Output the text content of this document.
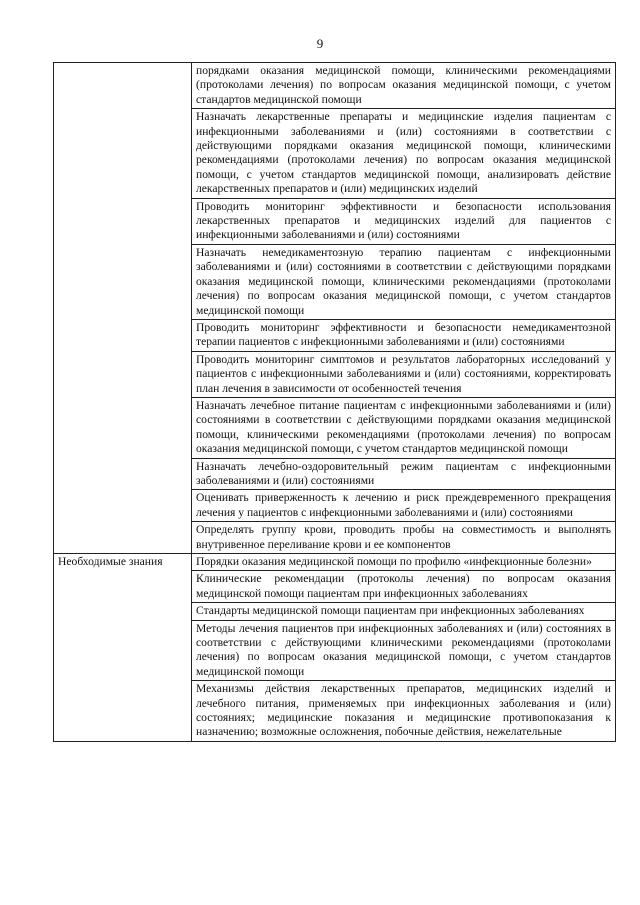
9
	порядками оказания медицинской помощи, клиническими рекомендациями (протоколами лечения) по вопросам оказания медицинской помощи, с учетом стандартов медицинской помощи
	Назначать лекарственные препараты и медицинские изделия пациентам с инфекционными заболеваниями и (или) состояниями в соответствии с действующими порядками оказания медицинской помощи, клиническими рекомендациями (протоколами лечения) по вопросам оказания медицинской помощи, с учетом стандартов медицинской помощи, анализировать действие лекарственных препаратов и (или) медицинских изделий
	Проводить мониторинг эффективности и безопасности использования лекарственных препаратов и медицинских изделий для пациентов с инфекционными заболеваниями и (или) состояниями
	Назначать немедикаментозную терапию пациентам с инфекционными заболеваниями и (или) состояниями в соответствии с действующими порядками оказания медицинской помощи, клиническими рекомендациями (протоколами лечения) по вопросам оказания медицинской помощи, с учетом стандартов медицинской помощи
	Проводить мониторинг эффективности и безопасности немедикаментозной терапии пациентов с инфекционными заболеваниями и (или) состояниями
	Проводить мониторинг симптомов и результатов лабораторных исследований у пациентов с инфекционными заболеваниями и (или) состояниями, корректировать план лечения в зависимости от особенностей течения
	Назначать лечебное питание пациентам с инфекционными заболеваниями и (или) состояниями в соответствии с действующими порядками оказания медицинской помощи, клиническими рекомендациями (протоколами лечения) по вопросам оказания медицинской помощи, с учетом стандартов медицинской помощи
	Назначать лечебно-оздоровительный режим пациентам с инфекционными заболеваниями и (или) состояниями
	Оценивать приверженность к лечению и риск преждевременного прекращения лечения у пациентов с инфекционными заболеваниями и (или) состояниями
	Определять группу крови, проводить пробы на совместимость и выполнять внутривенное переливание крови и ее компонентов
Необходимые знания	Порядки оказания медицинской помощи по профилю «инфекционные болезни»
	Клинические рекомендации (протоколы лечения) по вопросам оказания медицинской помощи пациентам при инфекционных заболеваниях
	Стандарты медицинской помощи пациентам при инфекционных заболеваниях
	Методы лечения пациентов при инфекционных заболеваниях и (или) состояниях в соответствии с действующими клиническими рекомендациями (протоколами лечения) по вопросам оказания медицинской помощи, с учетом стандартов медицинской помощи
	Механизмы действия лекарственных препаратов, медицинских изделий и лечебного питания, применяемых при инфекционных заболевания и (или) состояниях; медицинские показания и медицинские противопоказания к назначению; возможные осложнения, побочные действия, нежелательные
